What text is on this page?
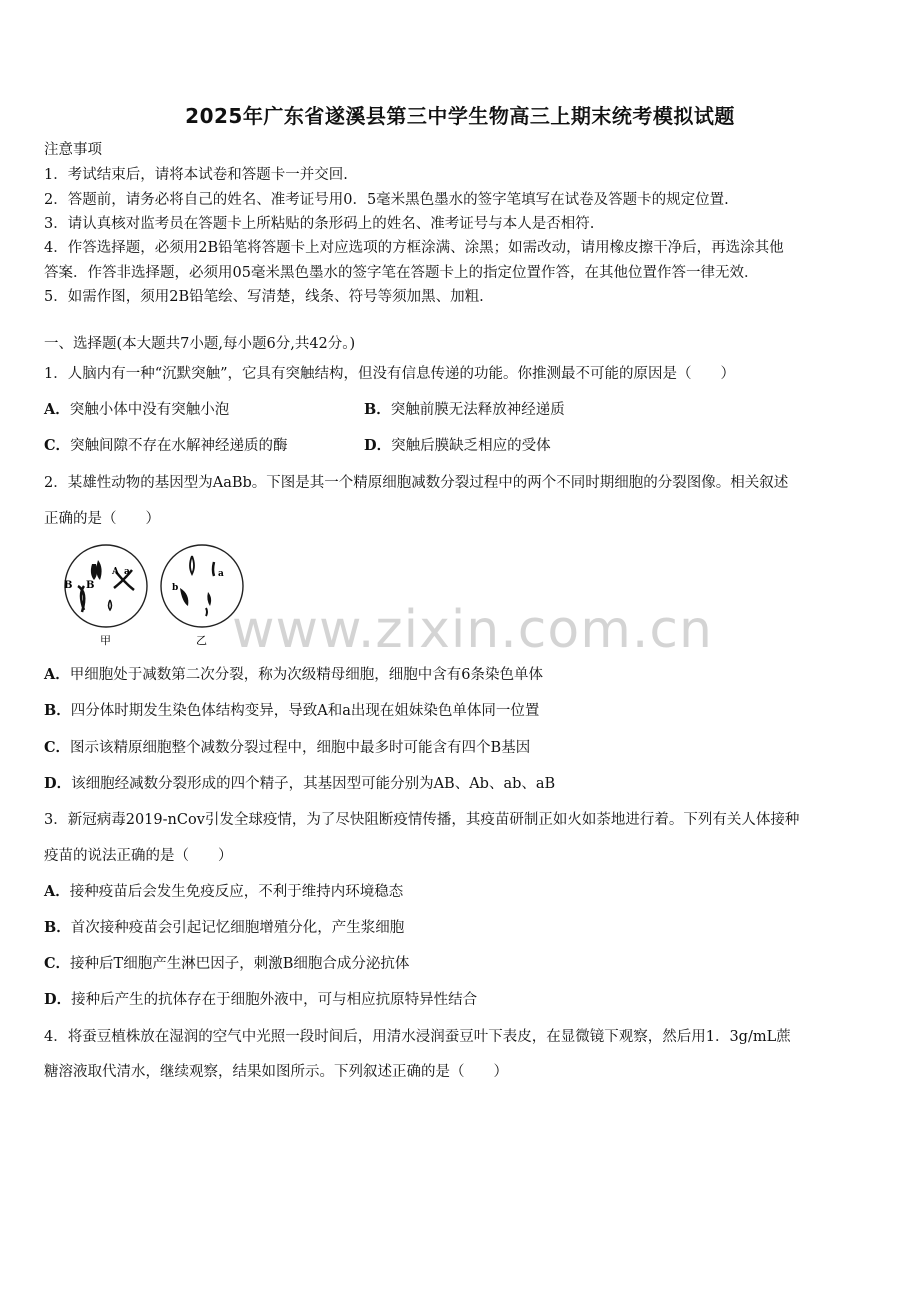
2025年广东省遂溪县第三中学生物高三上期末统考模拟试题
注意事项
1．考试结束后，请将本试卷和答题卡一并交回.
2．答题前，请务必将自己的姓名、准考证号用0．5毫米黑色墨水的签字笔填写在试卷及答题卡的规定位置.
3．请认真核对监考员在答题卡上所粘贴的条形码上的姓名、准考证号与本人是否相符.
4．作答选择题，必须用2B铅笔将答题卡上对应选项的方框涂满、涂黑；如需改动，请用橡皮擦干净后，再选涂其他
答案．作答非选择题，必须用05毫米黑色墨水的签字笔在答题卡上的指定位置作答，在其他位置作答一律无效．
5．如需作图，须用2B铅笔绘、写清楚，线条、符号等须加黑、加粗.
一、选择题(本大题共7小题,每小题6分,共42分。)
1．人脑内有一种“沉默突触”，它具有突触结构，但没有信息传递的功能。你推测最不可能的原因是（　　）
A．突触小体中没有突触小泡	B．突触前膜无法释放神经递质
C．突触间隙不存在水解神经递质的酶	D．突触后膜缺乏相应的受体
2．某雄性动物的基因型为AaBb。下图是其一个精原细胞减数分裂过程中的两个不同时期细胞的分裂图像。相关叙述
正确的是（　　）
B B
A a
甲
b
a
乙 www.zixin.com.cn
A．甲细胞处于减数第二次分裂，称为次级精母细胞，细胞中含有6条染色单体
B．四分体时期发生染色体结构变异，导致A和a出现在姐妹染色单体同一位置
C．图示该精原细胞整个减数分裂过程中，细胞中最多时可能含有四个B基因
D．该细胞经减数分裂形成的四个精子，其基因型可能分别为AB、Ab、ab、aB
3．新冠病毒2019-nCov引发全球疫情，为了尽快阻断疫情传播，其疫苗研制正如火如荼地进行着。下列有关人体接种
疫苗的说法正确的是（　　）
A．接种疫苗后会发生免疫反应，不利于维持内环境稳态
B．首次接种疫苗会引起记忆细胞增殖分化，产生浆细胞
C．接种后T细胞产生淋巴因子，刺激B细胞合成分泌抗体
D．接种后产生的抗体存在于细胞外液中，可与相应抗原特异性结合
4．将蚕豆植株放在湿润的空气中光照一段时间后，用清水浸润蚕豆叶下表皮，在显微镜下观察，然后用1．3g/mL蔗
糖溶液取代清水，继续观察，结果如图所示。下列叙述正确的是（　　）
